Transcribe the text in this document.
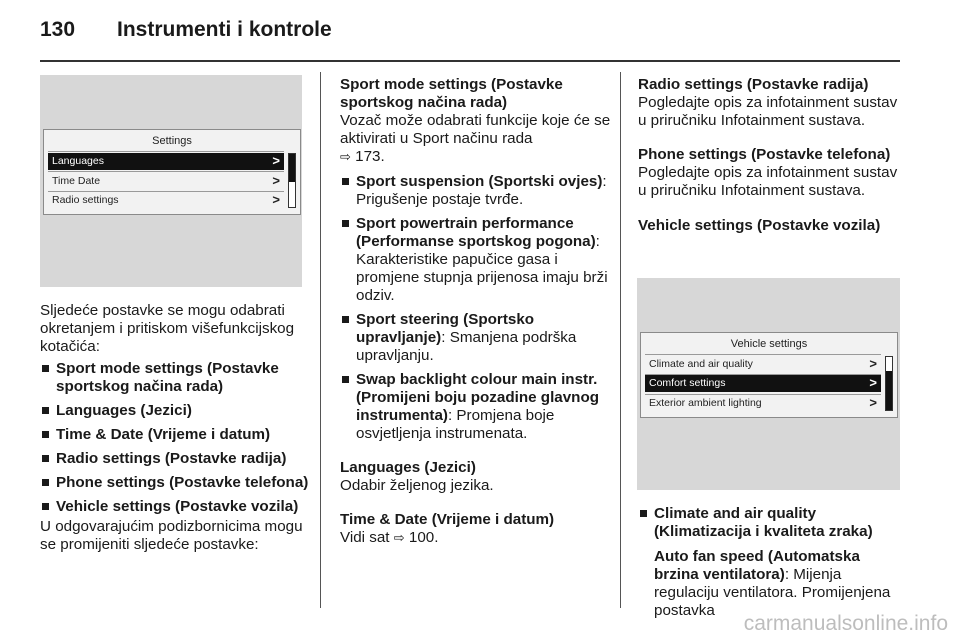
130 Instrumenti i kontrole
Settings
Languages	>
Time Date	>
Radio settings	>

Sljedeće postavke se mogu odabrati okretanjem i pritiskom višefunkcijskog kotačića:

Sport mode settings (Postavke sportskog načina rada)
Languages (Jezici)
Time & Date (Vrijeme i datum)
Radio settings (Postavke radija)
Phone settings (Postavke telefona)
Vehicle settings (Postavke vozila)

U odgovarajućim podizbornicima mogu se promijeniti sljedeće postavke:

Sport mode settings (Postavke sportskog načina rada)

Vozač može odabrati funkcije koje će se aktivirati u Sport načinu rada
⇨ 173.

Sport suspension (Sportski ovjes): Prigušenje postaje tvrđe.
Sport powertrain performance (Performanse sportskog pogona): Karakteristike papučice gasa i promjene stupnja prijenosa imaju brži odziv.
Sport steering (Sportsko upravljanje): Smanjena podrška upravljanju.
Swap backlight colour main instr. (Promijeni boju pozadine glavnog instrumenta): Promjena boje osvjetljenja instrumenata.

Languages (Jezici)

Odabir željenog jezika.

Time & Date (Vrijeme i datum)

Vidi sat ⇨ 100.

Radio settings (Postavke radija)

Pogledajte opis za infotainment sustav u priručniku Infotainment sustava.

Phone settings (Postavke telefona)

Pogledajte opis za infotainment sustav u priručniku Infotainment sustava.

Vehicle settings (Postavke vozila)

Vehicle settings
Climate and air quality	>
Comfort settings	>
Exterior ambient lighting	>
Climate and air quality (Klimatizacija i kvaliteta zraka)
Auto fan speed (Automatska brzina ventilatora): Mijenja regulaciju ventilatora. Promijenjena postavka
carmanualsonline.info
